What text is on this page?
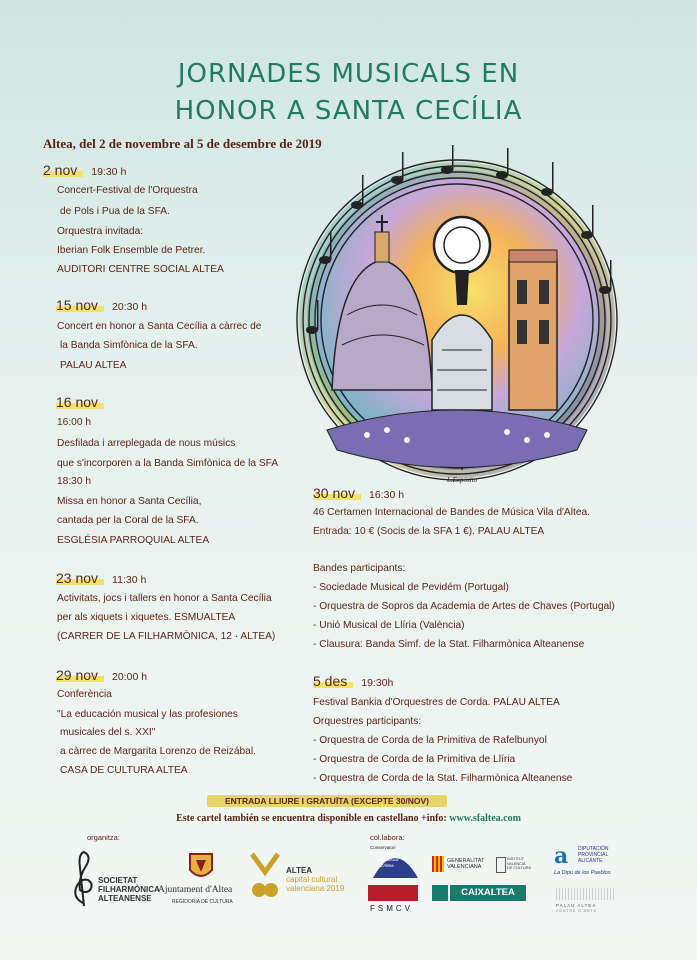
JORNADES MUSICALS EN
HONOR A SANTA CECÍLIA
Altea, del 2 de novembre al 5 de desembre de 2019
L.Expósito
2 nov 19:30 h
Concert-Festival de l'Orquestra
de Pols i Pua de la SFA.
Orquestra invitada:
Iberian Folk Ensemble de Petrer.
AUDITORI CENTRE SOCIAL ALTEA
15 nov 20:30 h
Concert en honor a Santa Cecília a càrrec de
la Banda Simfònica de la SFA.
PALAU ALTEA
16 nov
16:00 h
Desfilada i arreplegada de nous músics
que s'incorporen a la Banda Simfònica de la SFA
18:30 h
Missa en honor a Santa Cecília,
cantada per la Coral de la SFA.
ESGLÉSIA PARROQUIAL ALTEA
23 nov 11:30 h
Activitats, jocs i tallers en honor a Santa Cecília
per als xiquets i xiquetes. ESMUALTEA
(CARRER DE LA FILHARMÒNICA, 12 · ALTEA)
29 nov 20:00 h
Conferència
"La educación musical y las profesiones
musicales del s. XXI"
a càrrec de Margarita Lorenzo de Reizábal.
CASA DE CULTURA ALTEA
30 nov 16:30 h
46 Certamen Internacional de Bandes de Música Vila d'Altea.
Entrada: 10 € (Socis de la SFA 1 €). PALAU ALTEA
Bandes participants:
- Sociedade Musical de Pevidém (Portugal)
- Orquestra de Sopros da Academia de Artes de Chaves (Portugal)
- Unió Musical de Llíria (València)
- Clausura: Banda Simf. de la Stat. Filharmònica Alteanense
5 des 19:30h
Festival Bankia d'Orquestres de Corda. PALAU ALTEA
Orquestres participants:
- Orquestra de Corda de la Primitiva de Rafelbunyol
- Orquestra de Corda de la Primitiva de Llíria
- Orquestra de Corda de la Stat. Filharmònica Alteanense
ENTRADA LLIURE I GRATUÏTA (EXCEPTE 30/NOV)
Este cartel también se encuentra disponible en castellano +info: www.sfaltea.com
organitza:	col.labora:
SOCIETAT
FILHARMÒNICA
ALTEANENSE
Ajuntament d'Altea
REGIDORIA DE CULTURA
ALTEA
capital cultural
valenciana 2019
Conservatori
Professional
de Música
d'Altea
FSMCV
GENERALITAT
VALENCIANA
INSTITUT
VALENCIÀ
DE CULTURA
CAIXALTEA
a DIPUTACIÓN
PROVINCIAL
ALICANTE
La Dipu de los Pueblos
PALAU ALTEA
CENTRE D'ARTS
